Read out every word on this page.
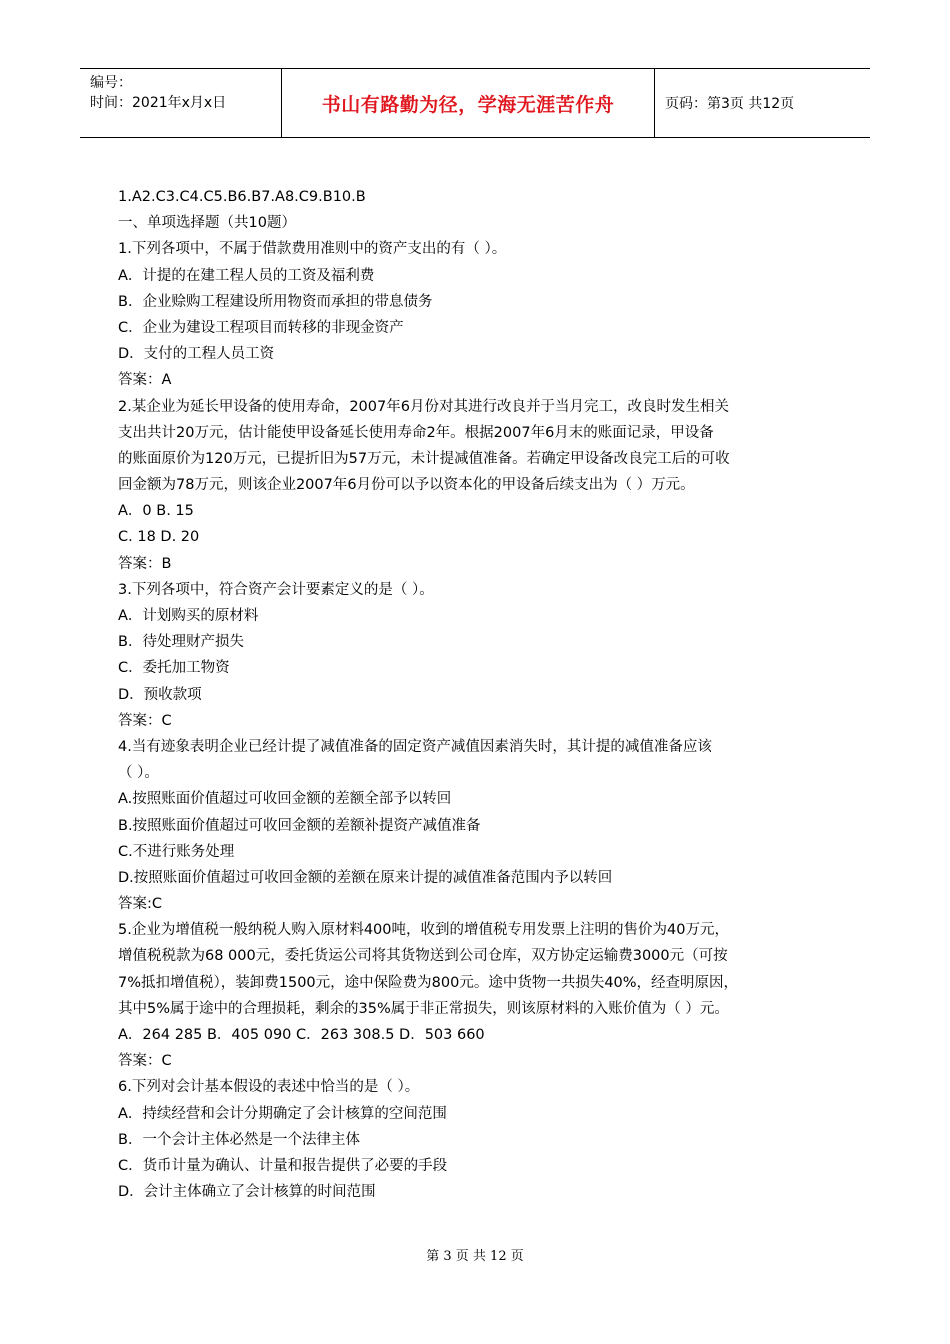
编号：
时间：2021年x月x日	书山有路勤为径，学海无涯苦作舟	页码：第3页 共12页
1.A2.C3.C4.C5.B6.B7.A8.C9.B10.B
一、单项选择题（共10题）
1.下列各项中，不属于借款费用准则中的资产支出的有（ ）。
A．计提的在建工程人员的工资及福利费
B．企业赊购工程建设所用物资而承担的带息债务
C．企业为建设工程项目而转移的非现金资产
D．支付的工程人员工资
答案：A
2.某企业为延长甲设备的使用寿命，2007年6月份对其进行改良并于当月完工，改良时发生相关
支出共计20万元，估计能使甲设备延长使用寿命2年。根据2007年6月末的账面记录，甲设备
的账面原价为120万元，已提折旧为57万元，未计提减值准备。若确定甲设备改良完工后的可收
回金额为78万元，则该企业2007年6月份可以予以资本化的甲设备后续支出为（ ）万元。
A．0 B. 15
C. 18 D. 20
答案：B
3.下列各项中，符合资产会计要素定义的是（ ）。
A．计划购买的原材料
B．待处理财产损失
C．委托加工物资
D．预收款项
答案：C
4.当有迹象表明企业已经计提了减值准备的固定资产减值因素消失时，其计提的减值准备应该
（ ）。
A.按照账面价值超过可收回金额的差额全部予以转回
B.按照账面价值超过可收回金额的差额补提资产减值准备
C.不进行账务处理
D.按照账面价值超过可收回金额的差额在原来计提的减值准备范围内予以转回
答案:C
5.企业为增值税一般纳税人购入原材料400吨，收到的增值税专用发票上注明的售价为40万元，
增值税税款为68 000元，委托货运公司将其货物送到公司仓库，双方协定运输费3000元（可按
7%抵扣增值税），装卸费1500元，途中保险费为800元。途中货物一共损失40%，经查明原因，
其中5%属于途中的合理损耗，剩余的35%属于非正常损失，则该原材料的入账价值为（ ）元。
A．264 285 B．405 090 C．263 308.5 D．503 660
答案：C
6.下列对会计基本假设的表述中恰当的是（ ）。
A．持续经营和会计分期确定了会计核算的空间范围
B．一个会计主体必然是一个法律主体
C．货币计量为确认、计量和报告提供了必要的手段
D．会计主体确立了会计核算的时间范围
第 3 页 共 12 页
